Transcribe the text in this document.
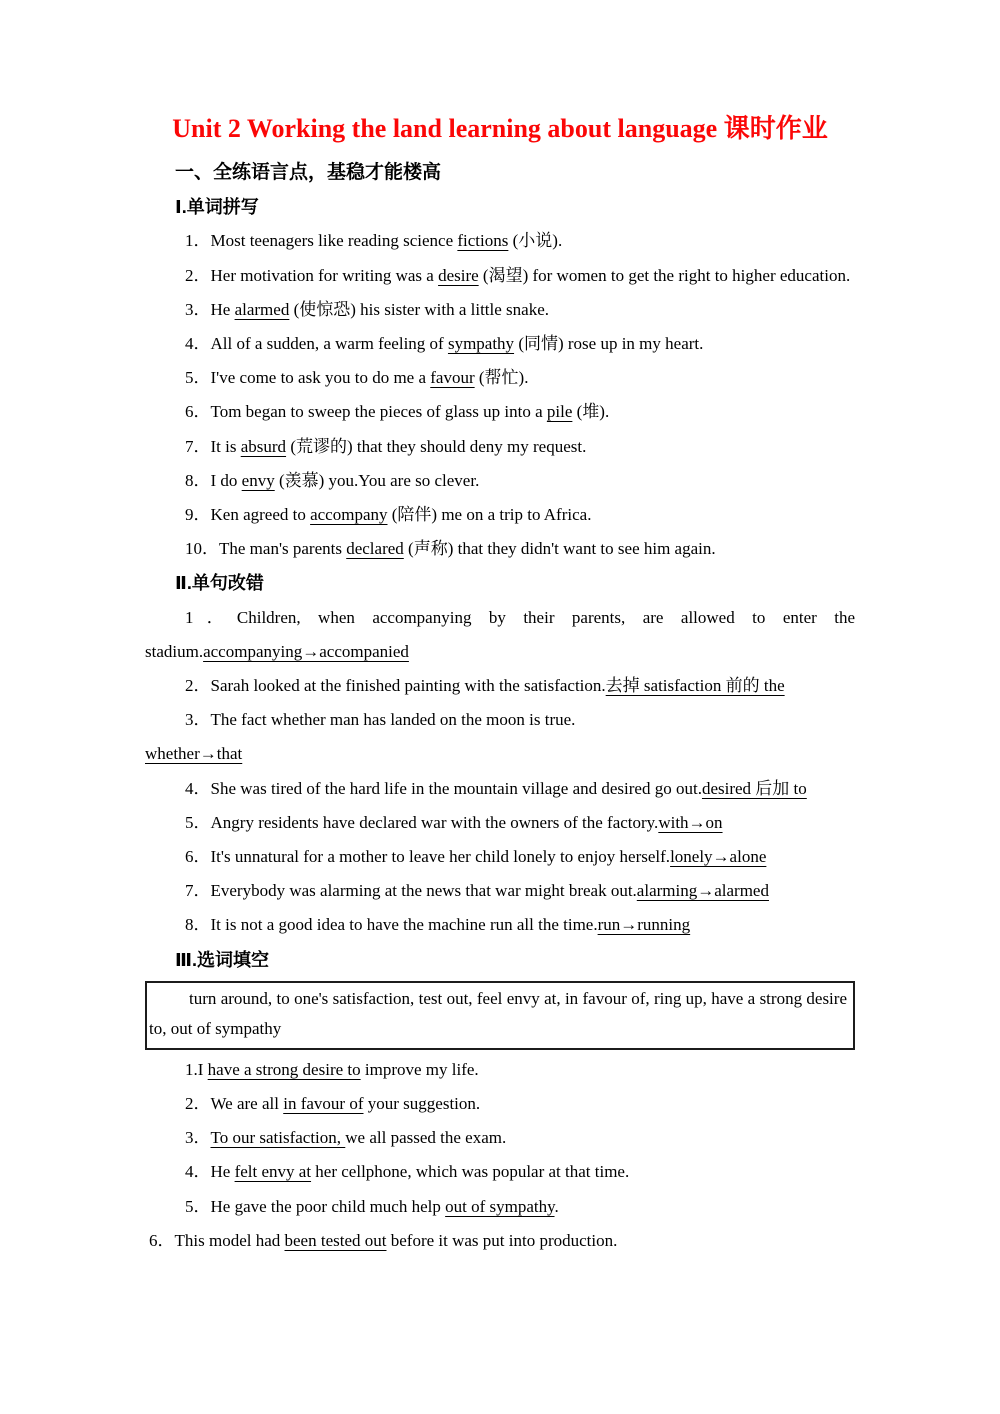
Unit 2 Working the land learning about language 课时作业

一、全练语言点，基稳才能楼高

Ⅰ.单词拼写

1．Most teenagers like reading science fictions (小说).

2．Her motivation for writing was a desire (渴望) for women to get the right to higher education.

3．He alarmed (使惊恐) his sister with a little snake.

4．All of a sudden, a warm feeling of sympathy (同情) rose up in my heart.

5．I've come to ask you to do me a favour (帮忙).

6．Tom began to sweep the pieces of glass up into a pile (堆).

7．It is absurd (荒谬的) that they should deny my request.

8．I do envy (羡慕) you.You are so clever.

9．Ken agreed to accompany (陪伴) me on a trip to Africa.

10．The man's parents declared (声称) that they didn't want to see him again.

Ⅱ.单句改错

1．Children, when accompanying by their parents, are allowed to enter the stadium.accompanying→accompanied

2．Sarah looked at the finished painting with the satisfaction.去掉 satisfaction 前的 the

3．The fact whether man has landed on the moon is true.

whether→that

4．She was tired of the hard life in the mountain village and desired go out.desired 后加 to

5．Angry residents have declared war with the owners of the factory.with→on

6．It's unnatural for a mother to leave her child lonely to enjoy herself.lonely→alone

7．Everybody was alarming at the news that war might break out.alarming→alarmed

8．It is not a good idea to have the machine run all the time.run→running

Ⅲ.选词填空

turn around, to one's satisfaction, test out, feel envy at, in favour of, ring up, have a strong desire to, out of sympathy

1.I have a strong desire to improve my life.

2．We are all in favour of your suggestion.

3．To our satisfaction, we all passed the exam.

4．He felt envy at her cellphone, which was popular at that time.

5．He gave the poor child much help out of sympathy.

6．This model had been tested out before it was put into production.
